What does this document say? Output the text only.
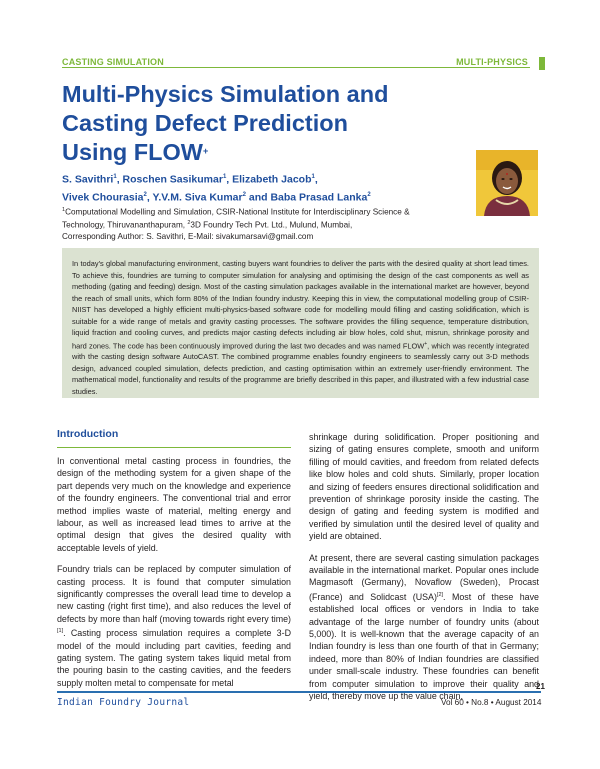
CASTING SIMULATION	MULTI-PHYSICS
Multi-Physics Simulation and
Casting Defect Prediction
Using FLOW+
S. Savithri$^1$, Roschen Sasikumar$^1$, Elizabeth Jacob$^1$,
Vivek Chourasia$^2$, Y.V.M. Siva Kumar$^2$ and Baba Prasad Lanka$^2$
$^1$Computational Modelling and Simulation, CSIR-National Institute for Interdisciplinary Science & Technology, Thiruvananthapuram, $^2$3D Foundry Tech Pvt. Ltd., Mulund, Mumbai,
Corresponding Author: S. Savithri, E-Mail: sivakumarsavi@gmail.com

In today's global manufacturing environment, casting buyers want foundries to deliver the parts with the desired quality at short lead times. To achieve this, foundries are turning to computer simulation for analysing and optimising the design of the cast components as well as methoding (gating and feeding) design. Most of the casting simulation packages available in the international market are however, beyond the reach of small units, which form 80% of the Indian foundry industry. Keeping this in view, the computational modelling group of CSIR-NIIST has developed a highly efficient multi-physics-based software code for modelling mould filling and casting solidification, which is suitable for a wide range of metals and gravity casting processes. The software provides the filling sequence, temperature distribution, liquid fraction and cooling curves, and predicts major casting defects including air blow holes, cold shut, misrun, shrinkage porosity and hard zones. The code has been continuously improved during the last two decades and was named FLOW+, which was recently integrated with the casting design software AutoCAST. The combined programme enables foundry engineers to seamlessly carry out 3-D methods design, advanced coupled simulation, defects prediction, and casting optimisation within an extremely user-friendly environment. The mathematical model, functionality and results of the programme are briefly described in this paper, and illustrated with a few industrial case studies.

Introduction

In conventional metal casting process in foundries, the design of the methoding system for a given shape of the part depends very much on the knowledge and experience of the foundry engineers. The conventional trial and error method implies waste of material, melting energy and labour, as well as increased lead times to arrive at the optimal design that gives the desired quality with acceptable levels of yield.

Foundry trials can be replaced by computer simulation of casting process. It is found that computer simulation significantly compresses the overall lead time to develop a new casting (right first time), and also reduces the level of defects by more than half (moving towards right every time)[1]. Casting process simulation requires a complete 3-D model of the mould including part cavities, feeding and gating system. The gating system takes liquid metal from the pouring basin to the casting cavities, and the feeders supply molten metal to compensate for metal

shrinkage during solidification. Proper positioning and sizing of gating ensures complete, smooth and uniform filling of mould cavities, and freedom from related defects like blow holes and cold shuts. Similarly, proper location and sizing of feeders ensures directional solidification and prevention of shrinkage porosity inside the casting. The design of gating and feeding system is modified and verified by simulation until the desired level of quality and yield are obtained.

At present, there are several casting simulation packages available in the international market. Popular ones include Magmasoft (Germany), Novaflow (Sweden), Procast (France) and Solidcast (USA)[2]. Most of these have established local offices or vendors in India to take advantage of the large number of foundry units (about 5,000). It is well-known that the average capacity of an Indian foundry is less than one fourth of that in Germany; indeed, more than 80% of Indian foundries are classified under small-scale industry. These foundries can benefit from computer simulation to improve their quality and yield, thereby move up the value chain,

21
Indian Foundry Journal	Vol 60 • No.8 • August 2014
